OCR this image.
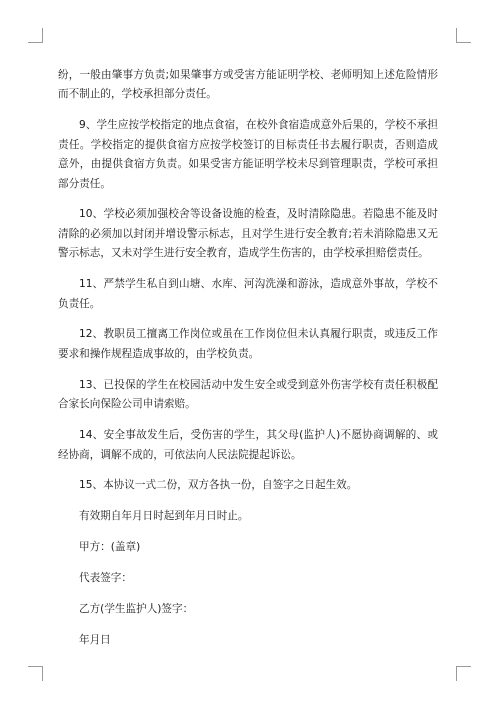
纷，一般由肇事方负责;如果肇事方或受害方能证明学校、老师明知上述危险情形而不制止的，学校承担部分责任。

9、学生应按学校指定的地点食宿，在校外食宿造成意外后果的，学校不承担责任。学校指定的提供食宿方应按学校签订的目标责任书去履行职责，否则造成意外，由提供食宿方负责。如果受害方能证明学校未尽到管理职责，学校可承担部分责任。

10、学校必须加强校舍等设备设施的检查，及时清除隐患。若隐患不能及时清除的必须加以封闭并增设警示标志，且对学生进行安全教育;若未消除隐患又无警示标志，又未对学生进行安全教育，造成学生伤害的，由学校承担赔偿责任。

11、严禁学生私自到山塘、水库、河沟洗澡和游泳，造成意外事故，学校不负责任。

12、教职员工擅离工作岗位或虽在工作岗位但未认真履行职责，或违反工作要求和操作规程造成事故的，由学校负责。

13、已投保的学生在校园活动中发生安全或受到意外伤害学校有责任积极配合家长向保险公司申请索赔。

14、安全事故发生后，受伤害的学生，其父母(监护人)不愿协商调解的、或经协商，调解不成的，可依法向人民法院提起诉讼。

15、本协议一式二份，双方各执一份，自签字之日起生效。

有效期自年月日时起到年月日时止。

甲方：(盖章)

代表签字：

乙方(学生监护人)签字：

年月日
